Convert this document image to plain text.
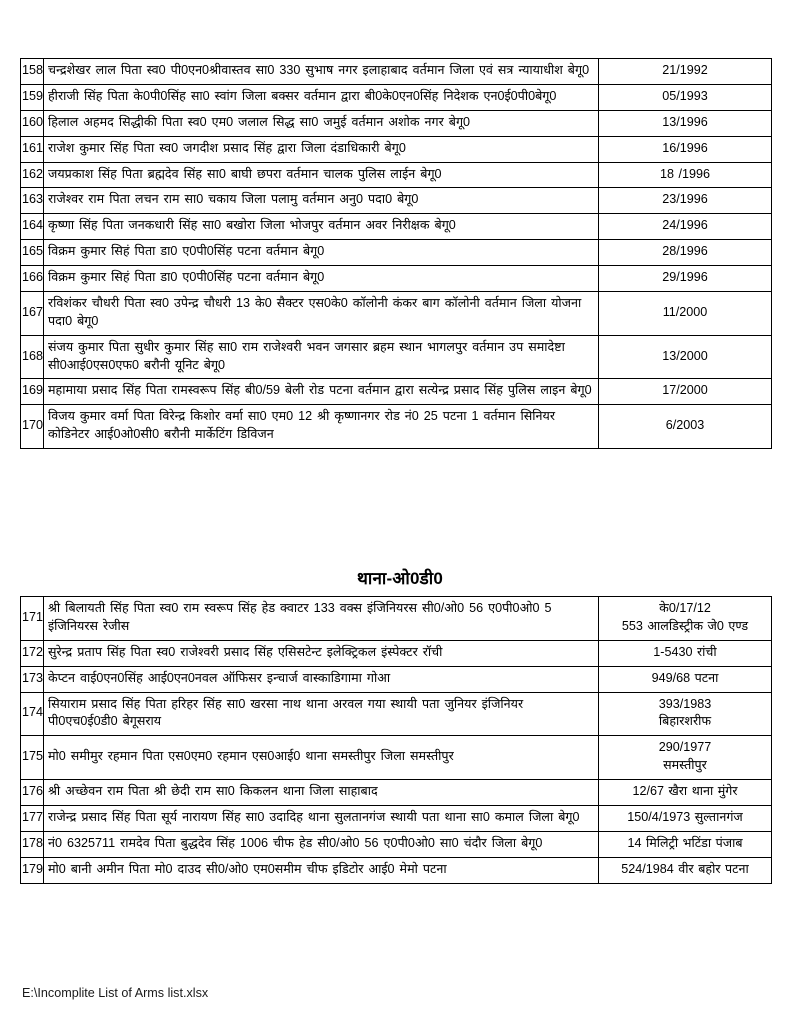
158	चन्द्रशेखर लाल पिता स्व0 पी0एन0श्रीवास्तव सा0 330 सुभाष नगर इलाहाबाद वर्तमान जिला एवं सत्र न्यायाधीश बेगू0	21/1992

159	हीराजी सिंह पिता के0पी0सिंह सा0 स्वांग जिला बक्सर वर्तमान द्वारा बी0के0एन0सिंह निदेशक एन0ई0पी0बेगू0	05/1993

160	हिलाल अहमद सिद्धीकी पिता स्व0 एम0 जलाल सिद्ध सा0 जमुई वर्तमान अशोक नगर बेगू0	13/1996

161	राजेश कुमार सिंह पिता स्व0 जगदीश प्रसाद सिंह द्वारा जिला दंडाधिकारी बेगू0	16/1996

162	जयप्रकाश सिंह पिता ब्रह्मदेव सिंह सा0 बाघी छपरा वर्तमान चालक पुलिस लाईन बेगू0	18 /1996

163	राजेश्वर राम पिता लचन राम सा0 चकाय जिला पलामु वर्तमान अनु0 पदा0 बेगू0	23/1996

164	कृष्णा सिंह पिता जनकधारी सिंह सा0 बखोरा जिला भोजपुर वर्तमान अवर निरीक्षक बेगू0	24/1996

165	विक्रम कुमार सिहं पिता डा0 ए0पी0सिंह पटना वर्तमान बेगू0	28/1996

166	विक्रम कुमार सिहं पिता डा0 ए0पी0सिंह पटना वर्तमान बेगू0	29/1996

167	रविशंकर चौधरी पिता स्व0 उपेन्द्र चौधरी 13 के0 सैक्टर एस0के0 कॉलोनी कंकर बाग कॉलोनी वर्तमान जिला योजना पदा0 बेगू0	11/2000

168	संजय कुमार पिता सुधीर कुमार सिंह सा0 राम राजेश्वरी भवन जगसार ब्रहम स्थान भागलपुर वर्तमान उप समादेष्टा सी0आई0एस0एफ0 बरौनी यूनिट बेगू0	13/2000

169	महामाया प्रसाद सिंह पिता रामस्वरूप सिंह बी0/59 बेली रोड पटना वर्तमान द्वारा सत्येन्द्र प्रसाद सिंह पुलिस लाइन बेगू0	17/2000

170	विजय कुमार वर्मा पिता विरेन्द्र किशोर वर्मा सा0 एम0 12 श्री कृष्णानगर रोड नं0 25 पटना 1 वर्तमान सिनियर कोडिनेटर आई0ओ0सी0 बरौनी मार्केटिंग डिविजन	6/2003
थाना-ओ0डी0
171	श्री बिलायती सिंह पिता स्व0 राम स्वरूप सिंह हेड क्वाटर 133 वक्स इंजिनियरस सी0/ओ0 56 ए0पी0ओ0 5 इंजिनियरस रेजीस	के0/17/12
553 आलडिस्ट्रीक जे0 एण्ड

172	सुरेन्द्र प्रताप सिंह पिता स्व0 राजेश्वरी प्रसाद सिंह एसिसटेन्ट इलेक्ट्रिकल इंस्पेक्टर रॉची	1-5430 रांची

173	केप्टन वाई0एन0सिंह आई0एन0नवल ऑफिसर इन्चार्ज वास्काडिगामा गोआ	949/68 पटना

174	सियाराम प्रसाद सिंह पिता हरिहर सिंह सा0 खरसा नाथ थाना अरवल गया स्थायी पता जुनियर इंजिनियर पी0एच0ई0डी0 बेगूसराय	393/1983
बिहारशरीफ

175	मो0 समीमुर रहमान पिता एस0एम0 रहमान एस0आई0 थाना समस्तीपुर जिला समस्तीपुर	290/1977
समस्तीपुर

176	श्री अच्छेवन राम पिता श्री छेदी राम सा0 किकलन थाना जिला साहाबाद	12/67 खैरा थाना मुंगेर

177	राजेन्द्र प्रसाद सिंह पिता सूर्य नारायण सिंह सा0 उदादिह थाना सुलतानगंज स्थायी पता थाना सा0 कमाल जिला बेगू0	150/4/1973 सुल्तानगंज

178	नं0 6325711 रामदेव पिता बुद्धदेव सिंह 1006 चीफ हेड सी0/ओ0 56 ए0पी0ओ0 सा0 चंदौर जिला बेगू0	14 मिलिट्री भटिंडा पंजाब

179	मो0 बानी अमीन पिता मो0 दाउद सी0/ओ0 एम0समीम चीफ इडिटोर आई0 मेमो पटना	524/1984 वीर बहोर पटना
E:\Incomplite List of Arms list.xlsx
